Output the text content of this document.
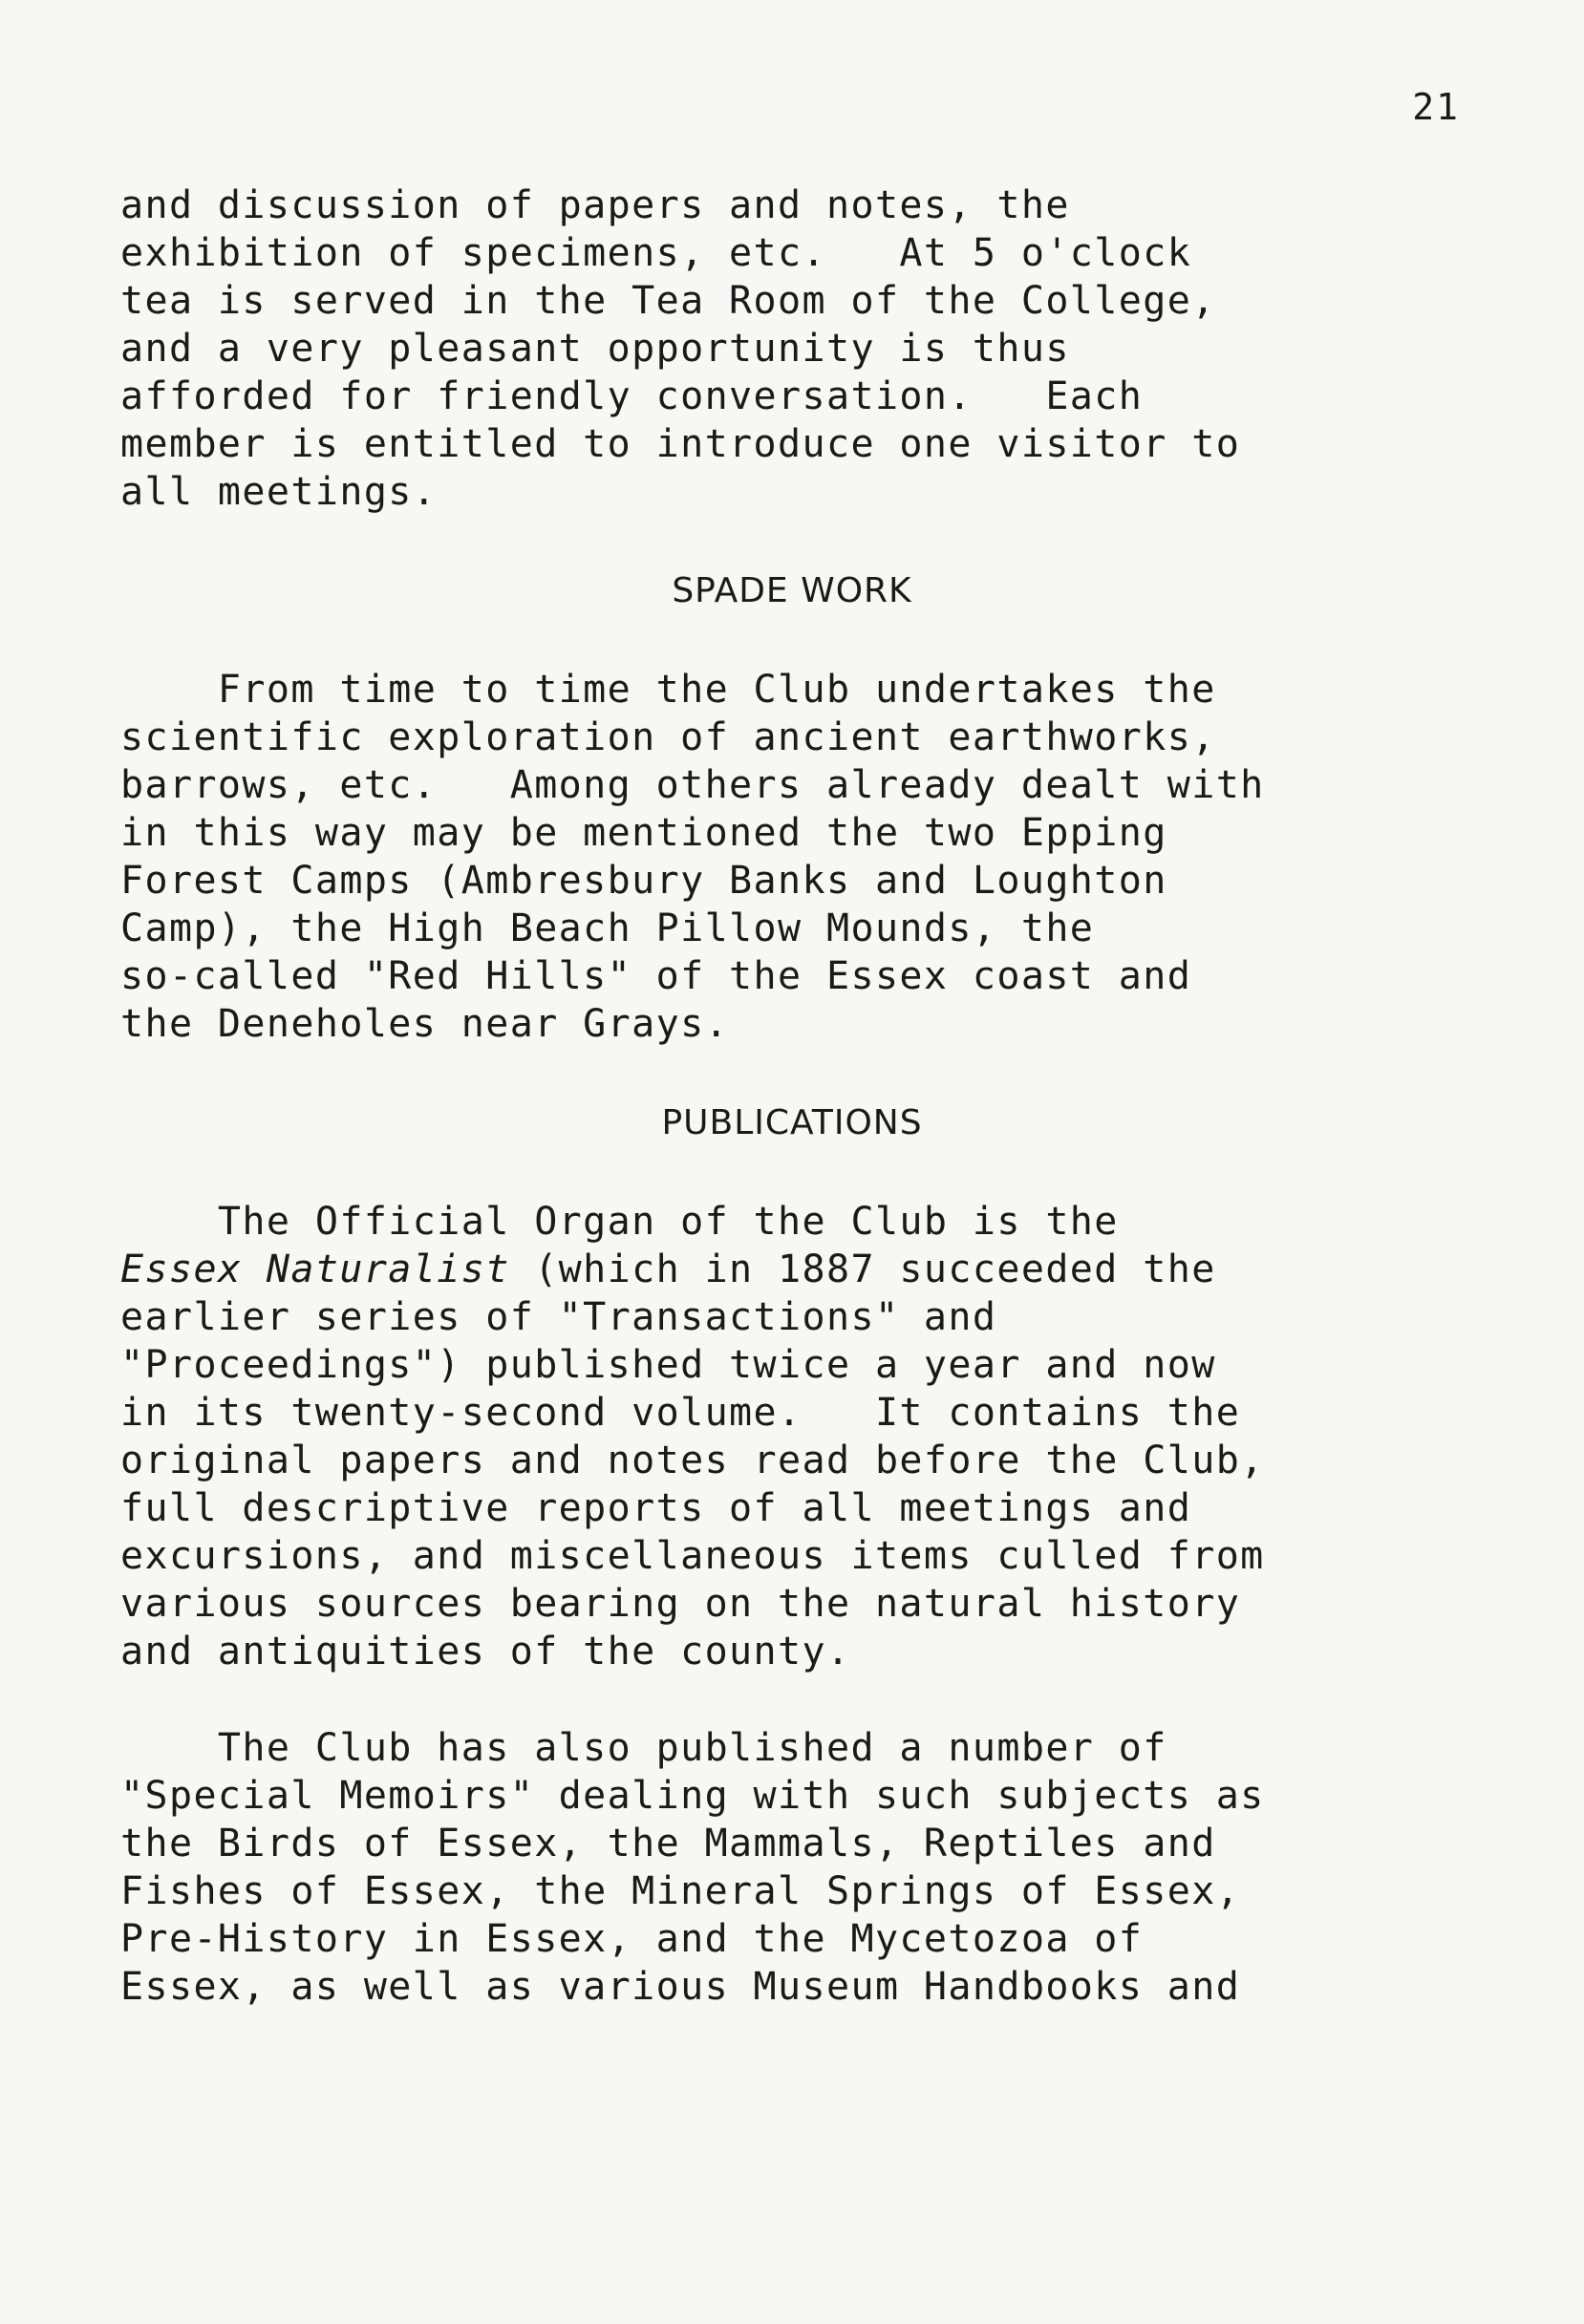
21
and discussion of papers and notes, the
exhibition of specimens, etc.   At 5 o'clock
tea is served in the Tea Room of the College,
and a very pleasant opportunity is thus
afforded for friendly conversation.   Each
member is entitled to introduce one visitor to
all meetings.
SPADE WORK
From time to time the Club undertakes the
scientific exploration of ancient earthworks,
barrows, etc.   Among others already dealt with
in this way may be mentioned the two Epping
Forest Camps (Ambresbury Banks and Loughton
Camp), the High Beach Pillow Mounds, the
so-called "Red Hills" of the Essex coast and
the Deneholes near Grays.
PUBLICATIONS
The Official Organ of the Club is the
Essex Naturalist (which in 1887 succeeded the
earlier series of "Transactions" and
"Proceedings") published twice a year and now
in its twenty-second volume.   It contains the
original papers and notes read before the Club,
full descriptive reports of all meetings and
excursions, and miscellaneous items culled from
various sources bearing on the natural history
and antiquities of the county.
The Club has also published a number of
"Special Memoirs" dealing with such subjects as
the Birds of Essex, the Mammals, Reptiles and
Fishes of Essex, the Mineral Springs of Essex,
Pre-History in Essex, and the Mycetozoa of
Essex, as well as various Museum Handbooks and
